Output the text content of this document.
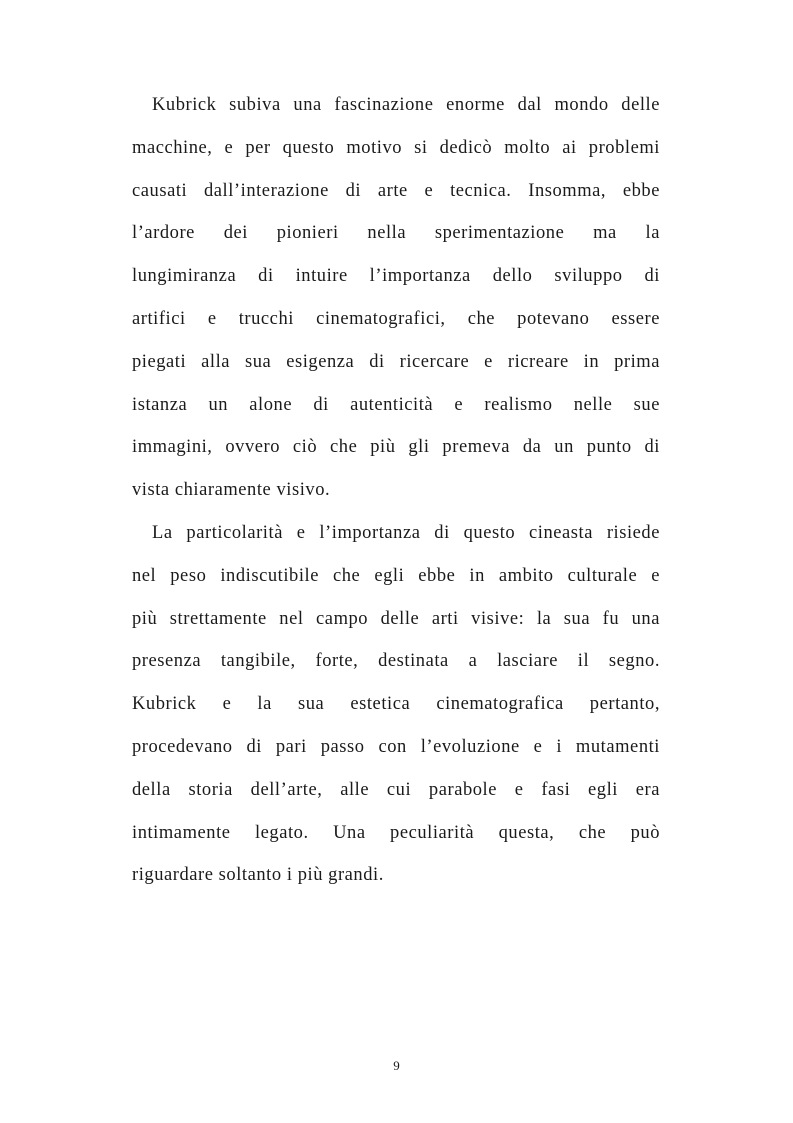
Kubrick subiva una fascinazione enorme dal mondo delle
macchine, e per questo motivo si dedicò molto ai problemi
causati dall’interazione di arte e tecnica. Insomma, ebbe
l’ardore dei pionieri nella sperimentazione ma la
lungimiranza di intuire l’importanza dello sviluppo di
artifici e trucchi cinematografici, che potevano essere
piegati alla sua esigenza di ricercare e ricreare in prima
istanza un alone di autenticità e realismo nelle sue
immagini, ovvero ciò che più gli premeva da un punto di
vista chiaramente visivo.

La particolarità e l’importanza di questo cineasta risiede
nel peso indiscutibile che egli ebbe in ambito culturale e
più strettamente nel campo delle arti visive: la sua fu una
presenza tangibile, forte, destinata a lasciare il segno.
Kubrick e la sua estetica cinematografica pertanto,
procedevano di pari passo con l’evoluzione e i mutamenti
della storia dell’arte, alle cui parabole e fasi egli era
intimamente legato. Una peculiarità questa, che può
riguardare soltanto i più grandi.

9
